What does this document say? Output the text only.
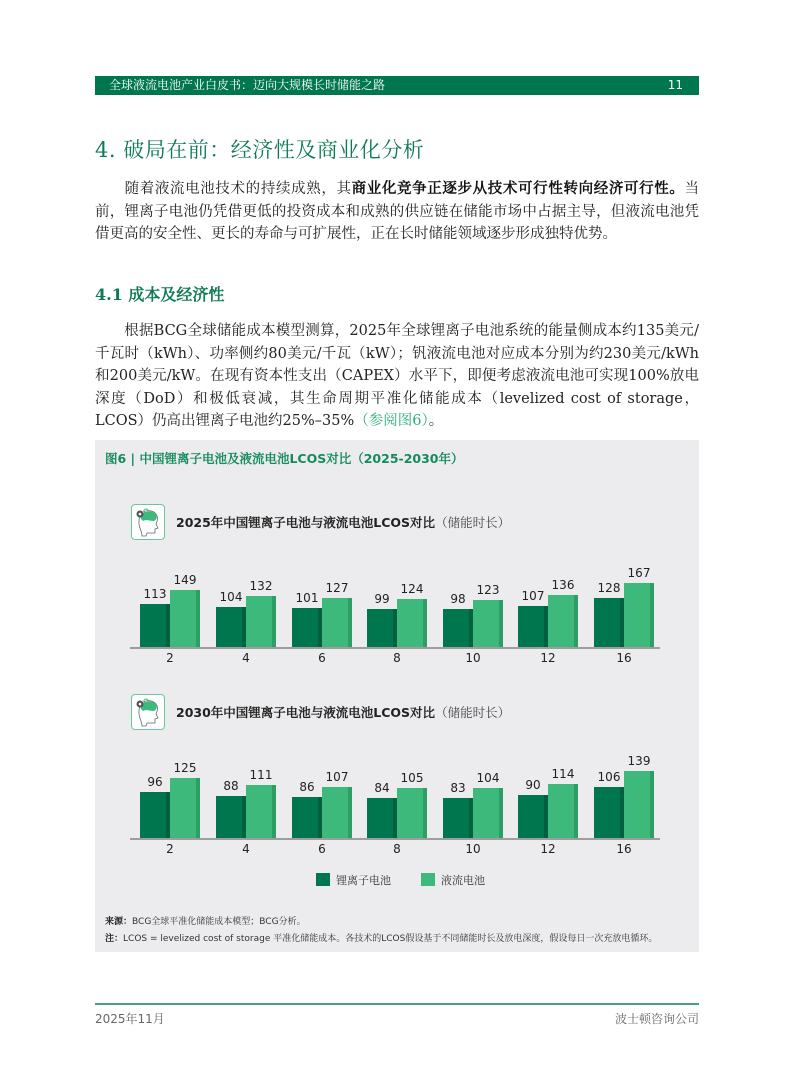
全球液流电池产业白皮书：迈向大规模长时储能之路	11
4. 破局在前：经济性及商业化分析
随着液流电池技术的持续成熟，其商业化竞争正逐步从技术可行性转向经济可行性。当前，锂离子电池仍凭借更低的投资成本和成熟的供应链在储能市场中占据主导，但液流电池凭借更高的安全性、更长的寿命与可扩展性，正在长时储能领域逐步形成独特优势。
4.1 成本及经济性
根据BCG全球储能成本模型测算，2025年全球锂离子电池系统的能量侧成本约135美元/千瓦时（kWh）、功率侧约80美元/千瓦（kW）；钒液流电池对应成本分别为约230美元/kWh和200美元/kW。在现有资本性支出（CAPEX）水平下，即便考虑液流电池可实现100%放电深度（DoD）和极低衰减，其生命周期平准化储能成本（levelized cost of storage，LCOS）仍高出锂离子电池约25%–35%（参阅图6）。
图6 | 中国锂离子电池及液流电池LCOS对比（2025-2030年）
2025年中国锂离子电池与液流电池LCOS对比（储能时长）
113
149
104
132
101
127
99
124
98
123	107
136	128
167
2	4	6	8	10	12	16
2030年中国锂离子电池与液流电池LCOS对比（储能时长）
96
125
88
111
86
107
84
105
83
104	90
114	106
139
2	4	6	8	10	12	16
锂离子电池	液流电池
来源：BCG全球平准化储能成本模型；BCG分析。
注：LCOS = levelized cost of storage 平准化储能成本。各技术的LCOS假设基于不同储能时长及放电深度，假设每日一次充放电循环。
2025年11月	波士顿咨询公司
